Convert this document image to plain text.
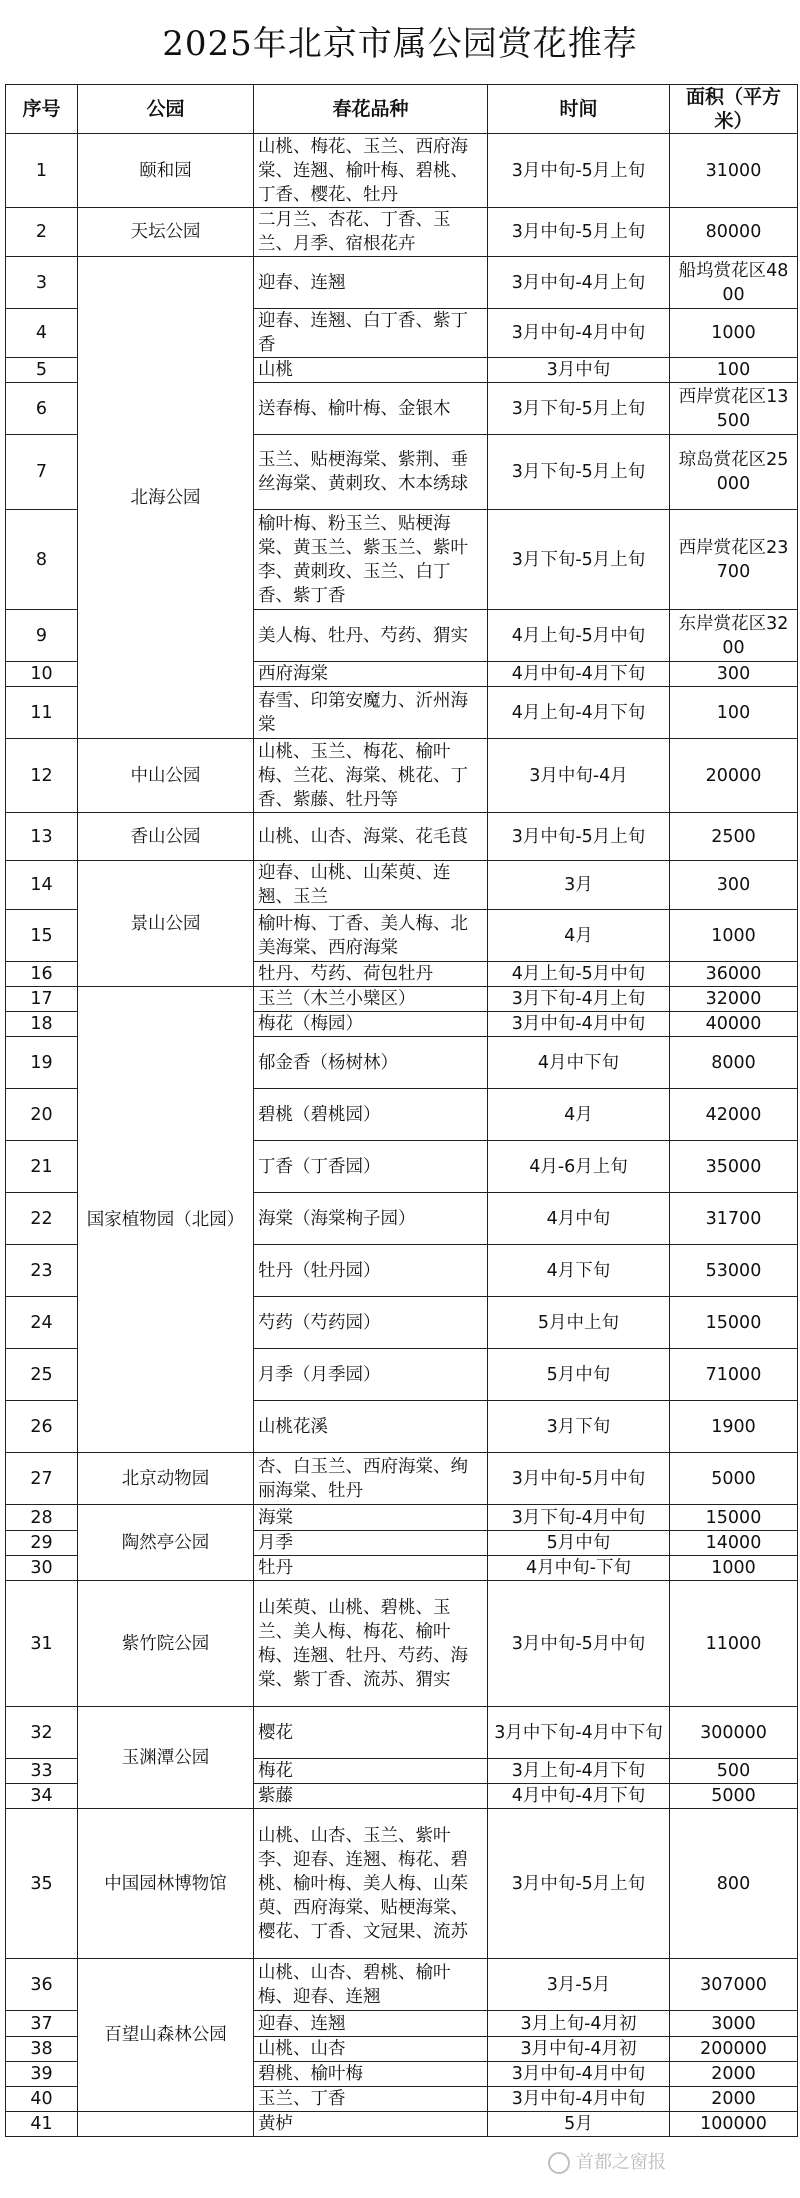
2025年北京市属公园赏花推荐
序号	公园	春花品种	时间	面积（平方米）
1	颐和园	山桃、梅花、玉兰、西府海棠、连翘、榆叶梅、碧桃、丁香、樱花、牡丹	3月中旬-5月上旬	31000
2	天坛公园	二月兰、杏花、丁香、玉兰、月季、宿根花卉	3月中旬-5月上旬	80000
3	北海公园	迎春、连翘	3月中旬-4月上旬	船坞赏花区4800
4		迎春、连翘、白丁香、紫丁香	3月中旬-4月中旬	1000
5		山桃	3月中旬	100
6		送春梅、榆叶梅、金银木	3月下旬-5月上旬	西岸赏花区13500
7		玉兰、贴梗海棠、紫荆、垂丝海棠、黄刺玫、木本绣球	3月下旬-5月上旬	琼岛赏花区25000
8		榆叶梅、粉玉兰、贴梗海棠、黄玉兰、紫玉兰、紫叶李、黄刺玫、玉兰、白丁香、紫丁香	3月下旬-5月上旬	西岸赏花区23700
9		美人梅、牡丹、芍药、猬实	4月上旬-5月中旬	东岸赏花区3200
10		西府海棠	4月中旬-4月下旬	300
11		春雪、印第安魔力、沂州海棠	4月上旬-4月下旬	100
12	中山公园	山桃、玉兰、梅花、榆叶梅、兰花、海棠、桃花、丁香、紫藤、牡丹等	3月中旬-4月	20000
13	香山公园	山桃、山杏、海棠、花毛茛	3月中旬-5月上旬	2500
14	景山公园	迎春、山桃、山茱萸、连翘、玉兰	3月	300
15		榆叶梅、丁香、美人梅、北美海棠、西府海棠	4月	1000
16		牡丹、芍药、荷包牡丹	4月上旬-5月中旬	36000
17	国家植物园（北园）	玉兰（木兰小檗区）	3月下旬-4月上旬	32000
18		梅花（梅园）	3月中旬-4月中旬	40000
19		郁金香（杨树林）	4月中下旬	8000
20		碧桃（碧桃园）	4月	42000
21		丁香（丁香园）	4月-6月上旬	35000
22		海棠（海棠栒子园）	4月中旬	31700
23		牡丹（牡丹园）	4月下旬	53000
24		芍药（芍药园）	5月中上旬	15000
25		月季（月季园）	5月中旬	71000
26		山桃花溪	3月下旬	1900
27	北京动物园	杏、白玉兰、西府海棠、绚丽海棠、牡丹	3月中旬-5月中旬	5000
28	陶然亭公园	海棠	3月下旬-4月中旬	15000
29		月季	5月中旬	14000
30		牡丹	4月中旬-下旬	1000
31	紫竹院公园	山茱萸、山桃、碧桃、玉兰、美人梅、梅花、榆叶梅、连翘、牡丹、芍药、海棠、紫丁香、流苏、猬实	3月中旬-5月中旬	11000
32	玉渊潭公园	樱花	3月中下旬-4月中下旬	300000
33		梅花	3月上旬-4月下旬	500
34		紫藤	4月中旬-4月下旬	5000
35	中国园林博物馆	山桃、山杏、玉兰、紫叶李、迎春、连翘、梅花、碧桃、榆叶梅、美人梅、山茱萸、西府海棠、贴梗海棠、樱花、丁香、文冠果、流苏	3月中旬-5月上旬	800
36	百望山森林公园	山桃、山杏、碧桃、榆叶梅、迎春、连翘	3月-5月	307000
37		迎春、连翘	3月上旬-4月初	3000
38		山桃、山杏	3月中旬-4月初	200000
39		碧桃、榆叶梅	3月中旬-4月中旬	2000
40		玉兰、丁香	3月中旬-4月中旬	2000
41		黄栌	5月	100000
首都之窗报
